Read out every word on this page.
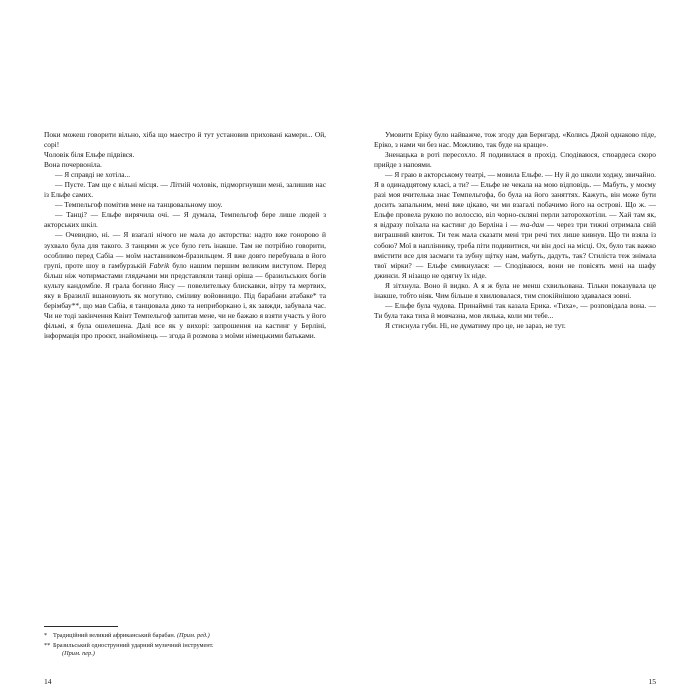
Поки можеш говорити вільно, хіба що маестро й тут установив приховані камери... Ой, сорі!

Чоловік біля Ельфе підвівся.

Вона почервоніла.

— Я справді не хотіла...

— Пусте. Там ще є вільні місця. — Літній чоловік, підморгнувши мені, залишив нас із Ельфе самих.

— Темпельгоф помітив мене на танцювальному шоу.

— Танці? — Ельфе вирячила очі. — Я думала, Темпельгоф бере лише людей з акторських шкіл.

— Очевидно, ні. — Я взагалі нічого не мала до акторства: надто вже гонорово й зухвало була для такого. З танцями ж усе було геть інакше. Там не потрібно говорити, особливо перед Сабіа — моїм наставником-бразильцем. Я вже довго перебувала в його групі, проте шоу в гамбурзькій Fabrik було нашим першим великим виступом. Перед більш ніж чотирмастами глядачами ми представляли танці оріша — бразильських богів культу кандомбле. Я грала богиню Янсу — повелительку блискавки, вітру та мертвих, яку в Бразилії вшановують як могутню, сміливу войовницю. Під барабани атабаке* та берімбау**, що мав Сабіа, я танцювала дико та неприборкано і, як завжди, забувала час. Чи не тоді закінчення Квінт Темпельгоф запитав мене, чи не бажаю я взяти участь у його фільмі, я була ошелешена. Далі все як у вихорі: запрошення на кастинг у Берліні, інформація про проєкт, знайомінець — згода й розмова з моїми німецькими батьками.

* Традиційний великий африканський барабан. (Прим. ред.)

** Бразильський однострунний ударний музичний інструмент.
(Прим. пер.)

14

Умовити Еріку було найважче, тож згоду дав Бернгард. «Колись Джой однаково піде, Еріко, з нами чи без нас. Можливо, так буде на краще».

Зненацька в роті пересохло. Я подивилася в прохід. Сподіваюся, стюардеса скоро прийде з напоями.

— Я граю в акторському театрі, — мовила Ельфе. — Ну й до школи ходжу, звичайно. Я в одинадцятому класі, а ти? — Ельфе не чекала на мою відповідь. — Мабуть, у моєму разі моя вчителька знає Темпельгофа, бо була на його заняттях. Кажуть, він може бути досить запальним, мені вже цікаво, чи ми взагалі побачимо його на острові. Що ж. — Ельфе провела рукою по волоссю, віл чорно-скляні перли заторохкотіли. — Хай там як, я відразу поїхала на кастинг до Берліна і — та-дам — через три тижні отримала свій виграшний квиток. Ти теж мала сказати мені три речі тих лише кивнув. Що ти взяла із собою? Мої в напліннику, треба піти подивитися, чи він досі на місці. Ох, було так важко вмістити все для засмаги та зубну щітку нам, мабуть, дадуть, так? Стиліста теж знімала твої мірки? — Ельфе смикнулася: — Сподіваюся, вони не повісять мені на шафу джинси. Я нізащо не одягну їх ніде.

Я зітхнула. Воно й видко. А я ж була не менш схвильована. Тільки показувала це інакше, тобто ніяк. Чим більше я хвилювалася, тим спокійнішою здавалася зовні.

— Ельфе була чудова. Принаймні так казала Ерика. «Тиха», — розповідала вона. — Ти була така тиха й мовчазна, мов лялька, коли ми тебе...

Я стиснула губи. Ні, не думатиму про це, не зараз, не тут.

15
